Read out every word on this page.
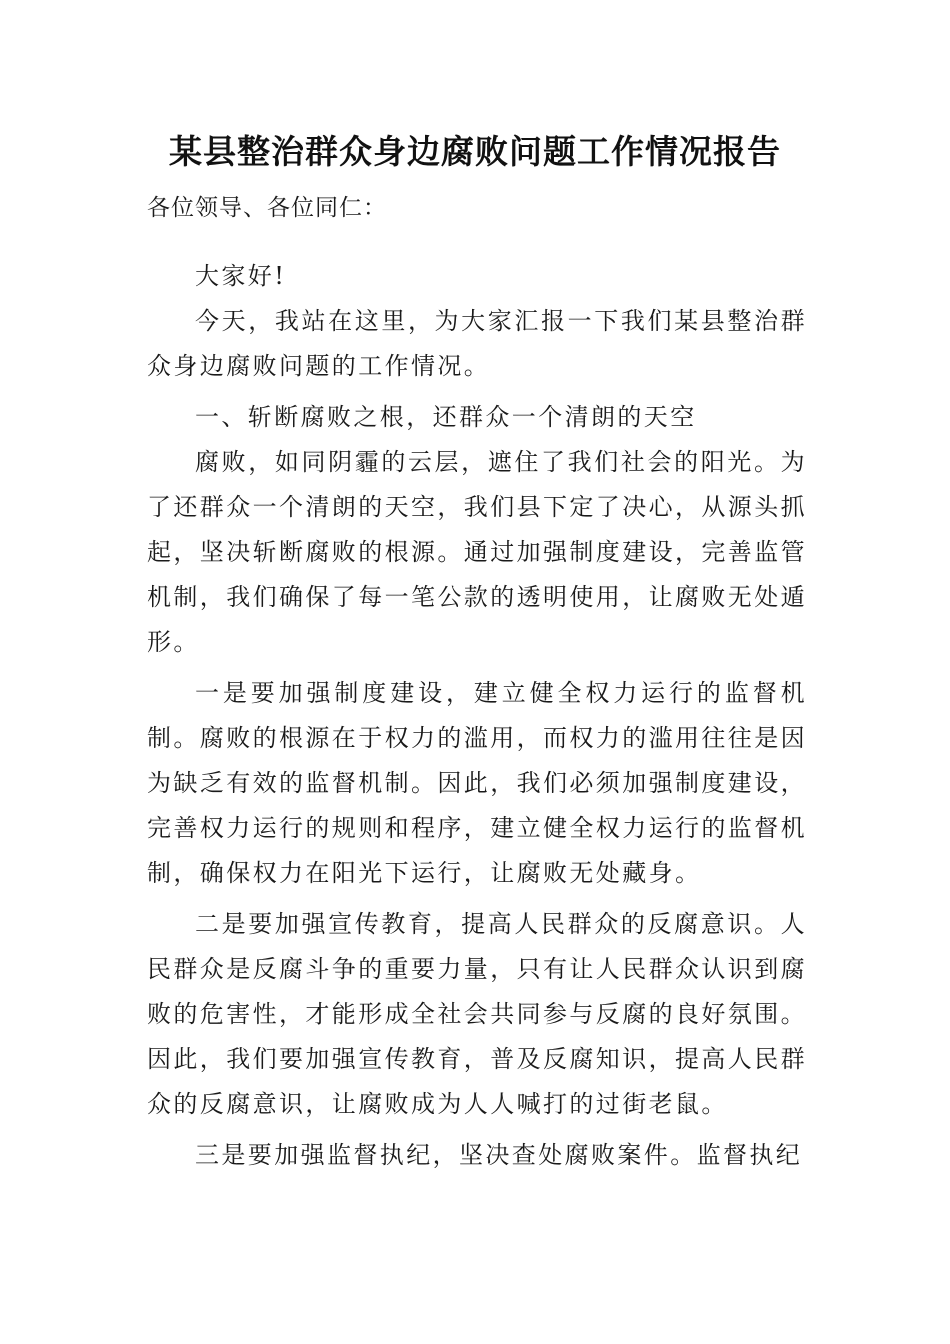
某县整治群众身边腐败问题工作情况报告
各位领导、各位同仁：

大家好!

今天，我站在这里，为大家汇报一下我们某县整治群众身边腐败问题的工作情况。

一、斩断腐败之根，还群众一个清朗的天空

腐败，如同阴霾的云层，遮住了我们社会的阳光。为了还群众一个清朗的天空，我们县下定了决心，从源头抓起，坚决斩断腐败的根源。通过加强制度建设，完善监管机制，我们确保了每一笔公款的透明使用，让腐败无处遁形。

一是要加强制度建设，建立健全权力运行的监督机制。腐败的根源在于权力的滥用，而权力的滥用往往是因为缺乏有效的监督机制。因此，我们必须加强制度建设，完善权力运行的规则和程序，建立健全权力运行的监督机制，确保权力在阳光下运行，让腐败无处藏身。

二是要加强宣传教育，提高人民群众的反腐意识。人民群众是反腐斗争的重要力量，只有让人民群众认识到腐败的危害性，才能形成全社会共同参与反腐的良好氛围。因此，我们要加强宣传教育，普及反腐知识，提高人民群众的反腐意识，让腐败成为人人喊打的过街老鼠。

三是要加强监督执纪，坚决查处腐败案件。监督执纪
